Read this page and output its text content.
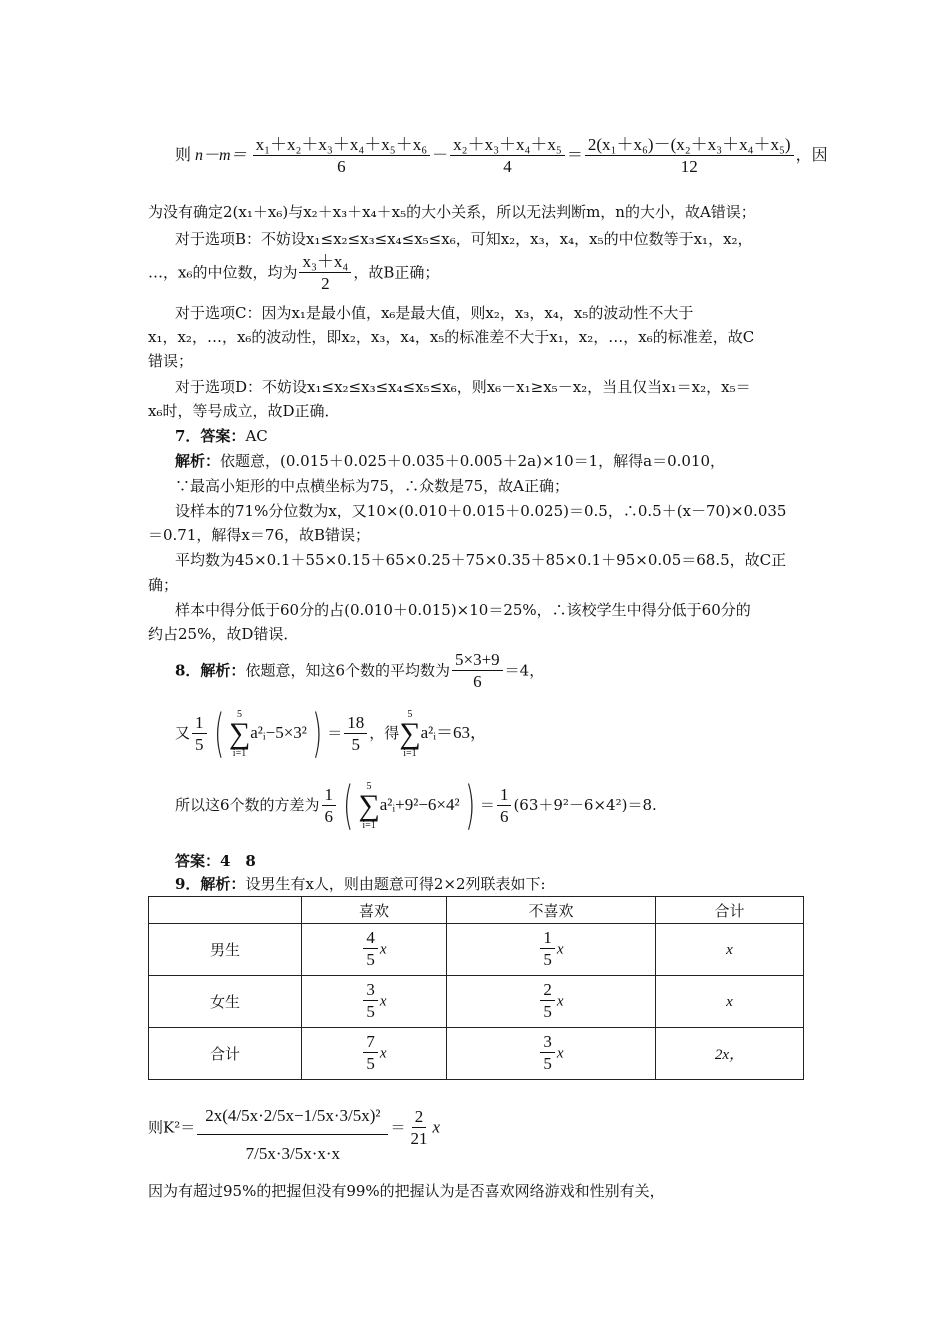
则 $n-m= \frac{\text{x₁＋x₂＋x₃＋x₄＋x₅＋x₆}}{6} - \frac{\text{x₂＋x₃＋x₄＋x₅}}{4} = \frac{\text{2(x₁＋x₆)－(x₂＋x₃＋x₄＋x₅)}}{12}$ ，因
为没有确定2(x₁＋x₆)与x₂＋x₃＋x₄＋x₅的大小关系，所以无法判断m，n的大小，故A错误；
对于选项B：不妨设x₁≤x₂≤x₃≤x₄≤x₅≤x₆，可知x₂，x₃，x₄，x₅的中位数等于x₁，x₂，
…，x₆的中位数，均为 $\frac{\text{x₃＋x₄}}{2}$ ，故B正确；
对于选项C：因为x₁是最小值，x₆是最大值，则x₂，x₃，x₄，x₅的波动性不大于
x₁，x₂，…，x₆的波动性，即x₂，x₃，x₄，x₅的标准差不大于x₁，x₂，…，x₆的标准差，故C
错误；
对于选项D：不妨设x₁≤x₂≤x₃≤x₄≤x₅≤x₆，则x₆－x₁≥x₅－x₂，当且仅当x₁＝x₂，x₅＝
x₆时，等号成立，故D正确．
7．答案：AC
解析：依题意，(0.015＋0.025＋0.035＋0.005＋2a)×10＝1，解得a＝0.010，
∵最高小矩形的中点横坐标为75，∴众数是75，故A正确；
设样本的71%分位数为x，又10×(0.010＋0.015＋0.025)＝0.5，∴0.5＋(x－70)×0.035
＝0.71，解得x＝76，故B错误；
平均数为45×0.1＋55×0.15＋65×0.25＋75×0.35＋85×0.1＋95×0.05＝68.5，故C正
确；
样本中得分低于60分的占(0.010＋0.015)×10＝25%，∴该校学生中得分低于60分的
约占25%，故D错误．
8．解析：依题意，知这6个数的平均数为 $\frac{5\times 3+9}{6} =4$，
又 $\frac{1}{5}$ ( 5
∑
i=1
a²ᵢ−5×3²) ＝ $\frac{18}{5}$ ，得
5
∑
i=1
a²ᵢ＝63，
所以这6个数的方差为 $\frac{1}{6}$ ( 5
∑
i=1
a²ᵢ+9²−6×4²) ＝ $\frac{1}{6} (63+9^2-6\times 4^2)=8$.
答案：4　8
9．解析：设男生有x人，则由题意可得2×2列联表如下:
	喜欢	不喜欢	合计
男生	$\frac{4}{5}$ x	$\frac{1}{5}$ x	x
女生	$\frac{3}{5}$ x	$\frac{2}{5}$ x	x
合计	$\frac{7}{5}$ x	$\frac{3}{5}$ x	2x，
则$K^2= \frac{\text{2x(4/5x·2/5x−1/5x·3/5x)²}}{7/5x\cdot 3/5x\cdot x\cdot x} = \frac{2}{21}$ x
因为有超过95%的把握但没有99%的把握认为是否喜欢网络游戏和性别有关，
